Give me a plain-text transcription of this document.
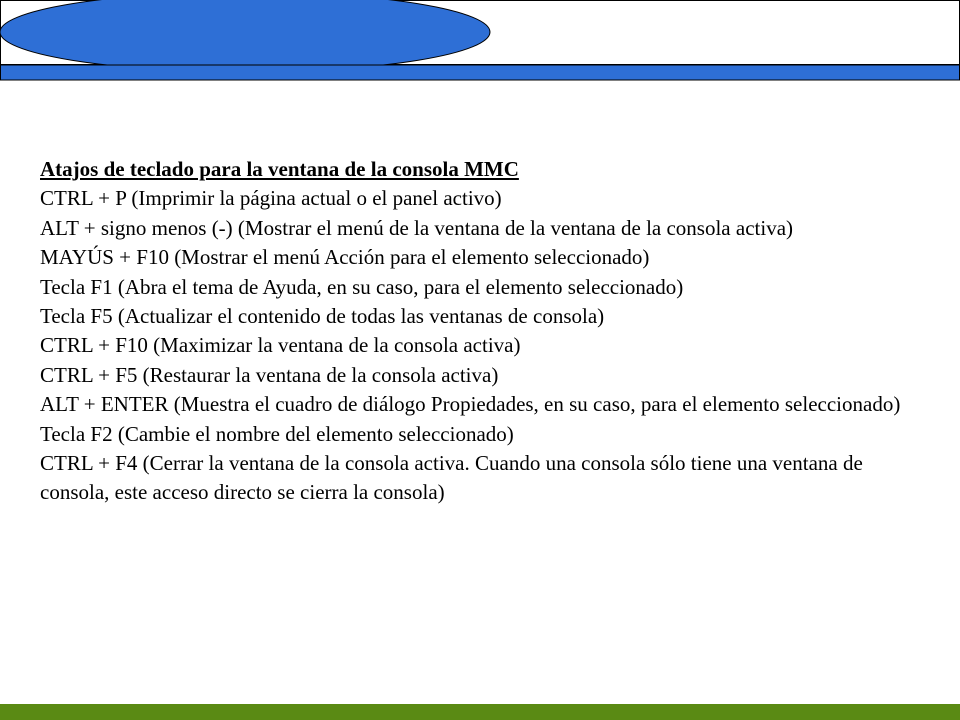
Atajos de teclado para la ventana de la consola MMC

CTRL + P (Imprimir la página actual o el panel activo)

ALT + signo menos (-) (Mostrar el menú de la ventana de la ventana de la consola activa)

MAYÚS + F10 (Mostrar el menú Acción para el elemento seleccionado)

Tecla F1 (Abra el tema de Ayuda, en su caso, para el elemento seleccionado)

Tecla F5 (Actualizar el contenido de todas las ventanas de consola)

CTRL + F10 (Maximizar la ventana de la consola activa)

CTRL + F5 (Restaurar la ventana de la consola activa)

ALT + ENTER (Muestra el cuadro de diálogo Propiedades, en su caso, para el elemento seleccionado)

Tecla F2 (Cambie el nombre del elemento seleccionado)

CTRL + F4 (Cerrar la ventana de la consola activa. Cuando una consola sólo tiene una ventana de consola, este acceso directo se cierra la consola)
